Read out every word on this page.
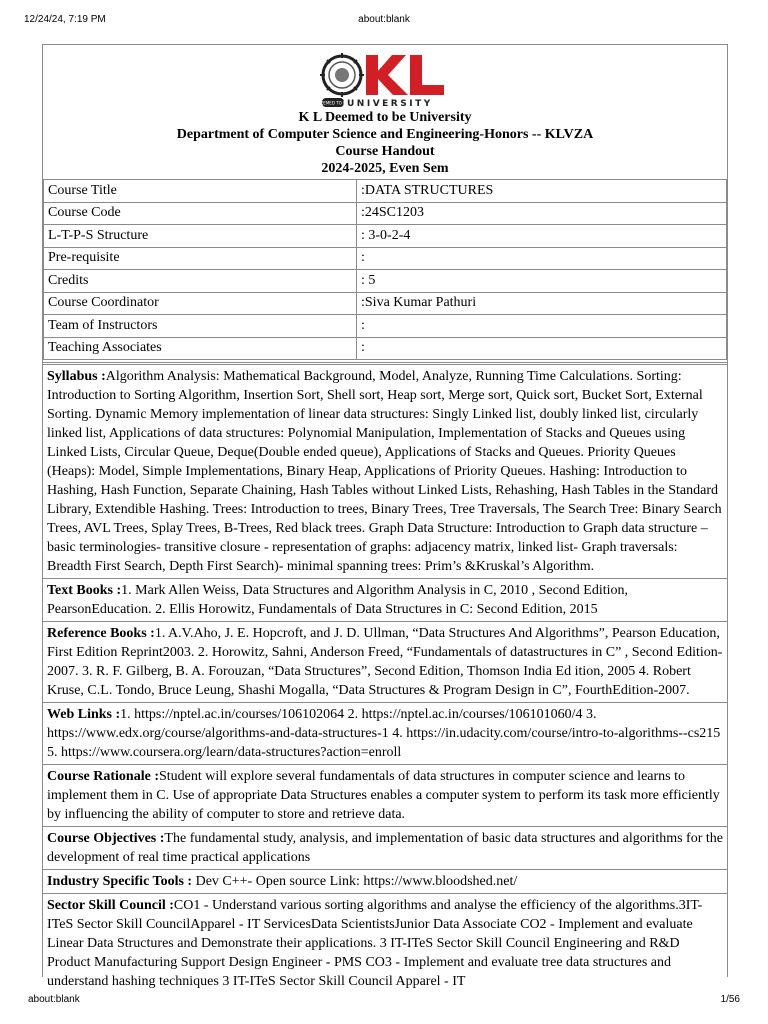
12/24/24, 7:19 PM	about:blank
DEEMED TO BE
UNIVERSITY
K L Deemed to be University
Department of Computer Science and Engineering-Honors -- KLVZA
Course Handout
2024-2025, Even Sem
Course Title	:DATA STRUCTURES
Course Code	:24SC1203
L-T-P-S Structure	: 3-0-2-4
Pre-requisite	:
Credits	: 5
Course Coordinator	:Siva Kumar Pathuri
Team of Instructors	:
Teaching Associates	:
Syllabus :Algorithm Analysis: Mathematical Background, Model, Analyze, Running Time Calculations. Sorting: Introduction to Sorting Algorithm, Insertion Sort, Shell sort, Heap sort, Merge sort, Quick sort, Bucket Sort, External Sorting. Dynamic Memory implementation of linear data structures: Singly Linked list, doubly linked list, circularly linked list, Applications of data structures: Polynomial Manipulation, Implementation of Stacks and Queues using Linked Lists, Circular Queue, Deque(Double ended queue), Applications of Stacks and Queues. Priority Queues (Heaps): Model, Simple Implementations, Binary Heap, Applications of Priority Queues. Hashing: Introduction to Hashing, Hash Function, Separate Chaining, Hash Tables without Linked Lists, Rehashing, Hash Tables in the Standard Library, Extendible Hashing. Trees: Introduction to trees, Binary Trees, Tree Traversals, The Search Tree: Binary Search Trees, AVL Trees, Splay Trees, B-Trees, Red black trees. Graph Data Structure: Introduction to Graph data structure – basic terminologies- transitive closure - representation of graphs: adjacency matrix, linked list- Graph traversals: Breadth First Search, Depth First Search)- minimal spanning trees: Prim’s &Kruskal’s Algorithm.
Text Books :1. Mark Allen Weiss, Data Structures and Algorithm Analysis in C, 2010 , Second Edition, PearsonEducation. 2. Ellis Horowitz, Fundamentals of Data Structures in C: Second Edition, 2015
Reference Books :1. A.V.Aho, J. E. Hopcroft, and J. D. Ullman, “Data Structures And Algorithms”, Pearson Education, First Edition Reprint2003. 2. Horowitz, Sahni, Anderson Freed, “Fundamentals of datastructures in C” , Second Edition-2007. 3. R. F. Gilberg, B. A. Forouzan, “Data Structures”, Second Edition, Thomson India Ed ition, 2005 4. Robert Kruse, C.L. Tondo, Bruce Leung, Shashi Mogalla, “Data Structures & Program Design in C”, FourthEdition-2007.
Web Links :1. https://nptel.ac.in/courses/106102064 2. https://nptel.ac.in/courses/106101060/4 3. https://www.edx.org/course/algorithms-and-data-structures-1 4. https://in.udacity.com/course/intro-to-algorithms--cs215 5. https://www.coursera.org/learn/data-structures?action=enroll
Course Rationale :Student will explore several fundamentals of data structures in computer science and learns to implement them in C. Use of appropriate Data Structures enables a computer system to perform its task more efficiently by influencing the ability of computer to store and retrieve data.
Course Objectives :The fundamental study, analysis, and implementation of basic data structures and algorithms for the development of real time practical applications
Industry Specific Tools : Dev C++- Open source Link: https://www.bloodshed.net/
Sector Skill Council :CO1 - Understand various sorting algorithms and analyse the efficiency of the algorithms.3IT-ITeS Sector Skill CouncilApparel - IT ServicesData ScientistsJunior Data Associate CO2 - Implement and evaluate Linear Data Structures and Demonstrate their applications. 3 IT-ITeS Sector Skill Council Engineering and R&D Product Manufacturing Support Design Engineer - PMS CO3 - Implement and evaluate tree data structures and understand hashing techniques 3 IT-ITeS Sector Skill Council Apparel - IT
about:blank	1/56
